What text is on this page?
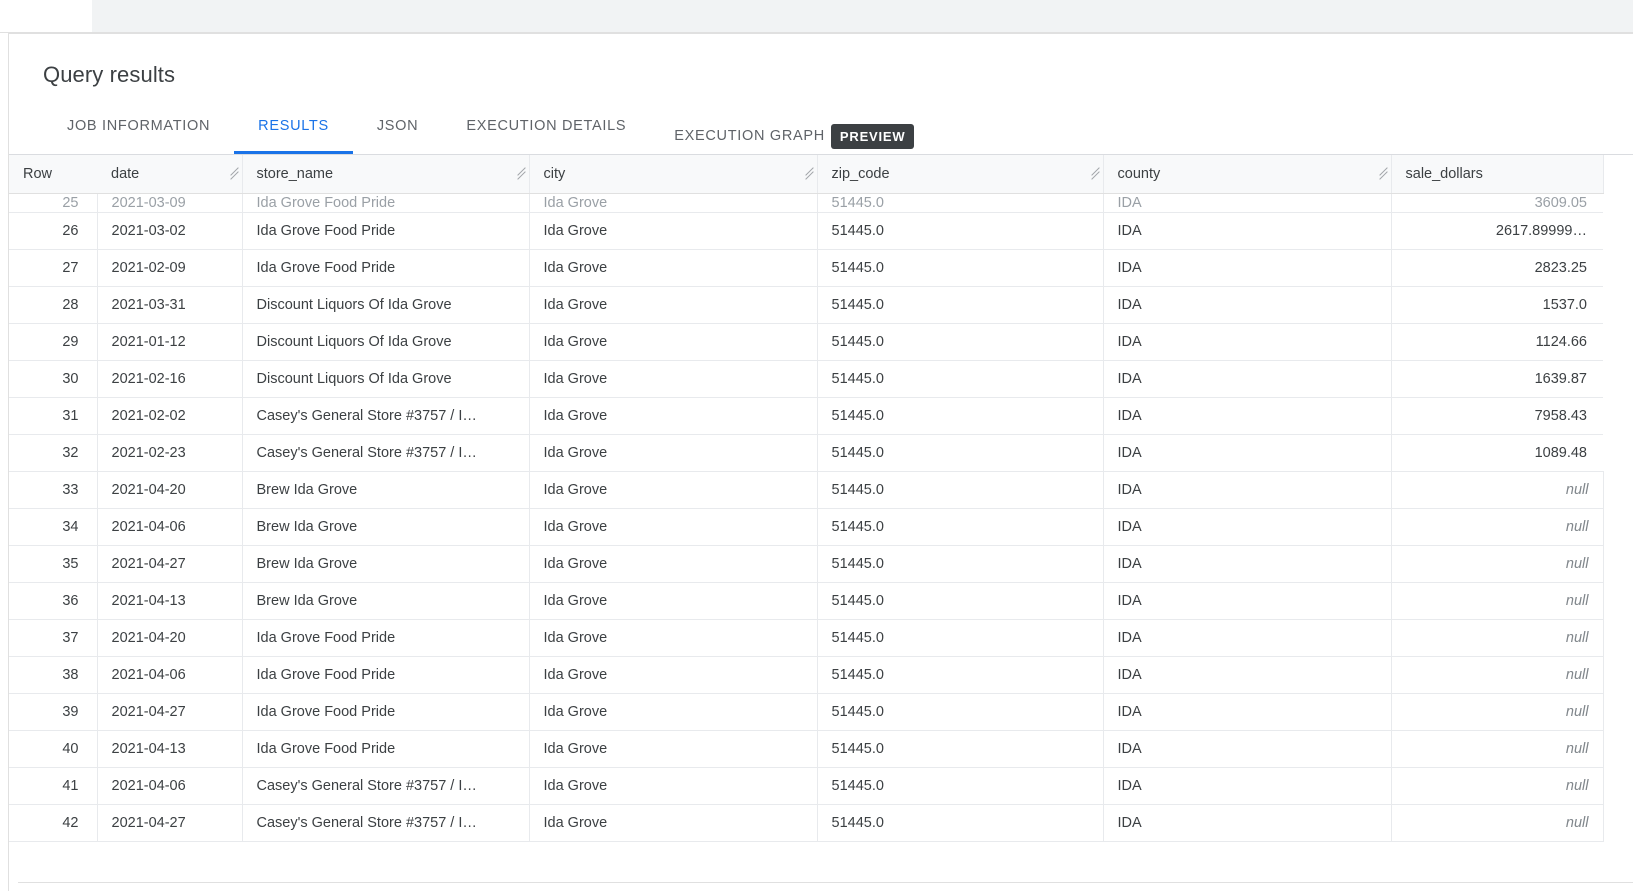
Query results
JOB INFORMATION	RESULTS	JSON	EXECUTION DETAILS
EXECUTION GRAPH	PREVIEW
Row	date	store_name	city	zip_code	county	sale_dollars
25	2021-03-09	Ida Grove Food Pride	Ida Grove	51445.0	IDA	3609.05
26	2021-03-02	Ida Grove Food Pride	Ida Grove	51445.0	IDA	2617.89999…
27	2021-02-09	Ida Grove Food Pride	Ida Grove	51445.0	IDA	2823.25
28	2021-03-31	Discount Liquors Of Ida Grove	Ida Grove	51445.0	IDA	1537.0
29	2021-01-12	Discount Liquors Of Ida Grove	Ida Grove	51445.0	IDA	1124.66
30	2021-02-16	Discount Liquors Of Ida Grove	Ida Grove	51445.0	IDA	1639.87
31	2021-02-02	Casey's General Store #3757 / I…	Ida Grove	51445.0	IDA	7958.43
32	2021-02-23	Casey's General Store #3757 / I…	Ida Grove	51445.0	IDA	1089.48
33	2021-04-20	Brew Ida Grove	Ida Grove	51445.0	IDA	null
34	2021-04-06	Brew Ida Grove	Ida Grove	51445.0	IDA	null
35	2021-04-27	Brew Ida Grove	Ida Grove	51445.0	IDA	null
36	2021-04-13	Brew Ida Grove	Ida Grove	51445.0	IDA	null
37	2021-04-20	Ida Grove Food Pride	Ida Grove	51445.0	IDA	null
38	2021-04-06	Ida Grove Food Pride	Ida Grove	51445.0	IDA	null
39	2021-04-27	Ida Grove Food Pride	Ida Grove	51445.0	IDA	null
40	2021-04-13	Ida Grove Food Pride	Ida Grove	51445.0	IDA	null
41	2021-04-06	Casey's General Store #3757 / I…	Ida Grove	51445.0	IDA	null
42	2021-04-27	Casey's General Store #3757 / I…	Ida Grove	51445.0	IDA	null
